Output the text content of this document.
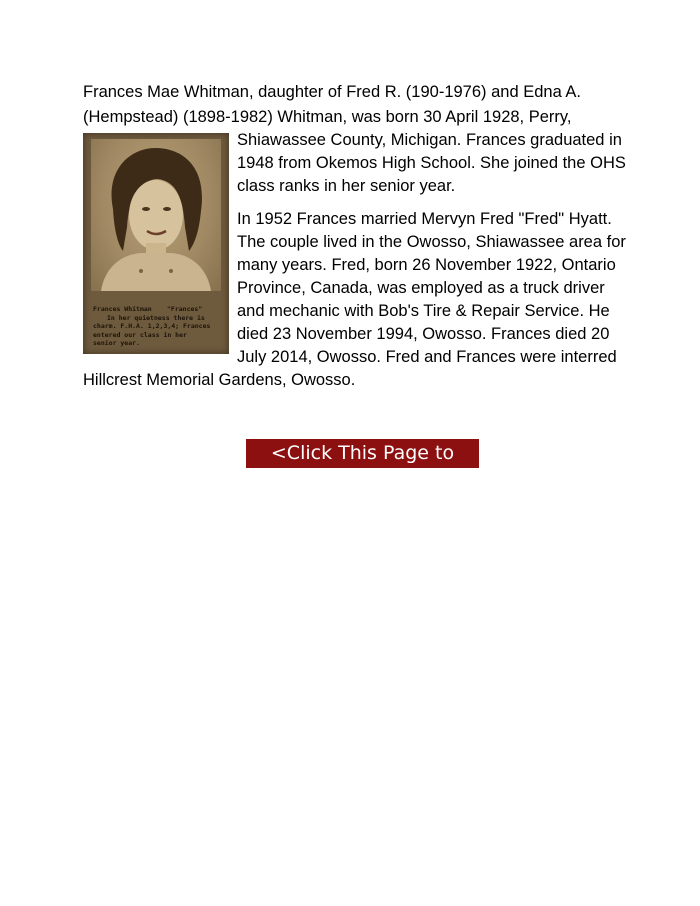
Frances Mae Whitman, daughter of Fred R. (190-1976) and Edna A.

(Hempstead) (1898-1982) Whitman, was born 30 April 1928, Perry,

Frances Whitman "Frances"
In her quietness there is
charm. F.H.A. 1,2,3,4; Frances
entered our class in her
senior year.

Shiawassee County, Michigan. Frances graduated in

1948 from Okemos High School. She joined the OHS

class ranks in her senior year.

In 1952 Frances married Mervyn Fred "Fred" Hyatt.

The couple lived in the Owosso, Shiawassee area for

many years. Fred, born 26 November 1922, Ontario

Province, Canada, was employed as a truck driver

and mechanic with Bob's Tire & Repair Service. He

died 23 November 1994, Owosso. Frances died 20

July 2014, Owosso. Fred and Frances were interred

Hillcrest Memorial Gardens, Owosso.

<Click This Page to Print>
